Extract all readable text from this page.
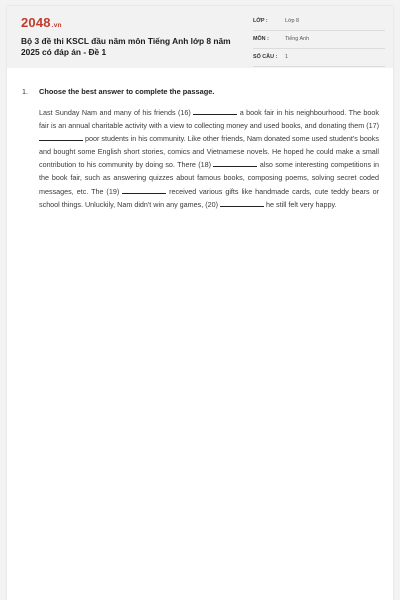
2048.vn
Bộ 3 đề thi KSCL đầu năm môn Tiếng Anh lớp 8 năm 2025 có đáp án - Đề 1
LỚP :	Lớp 8
MÔN :	Tiếng Anh
SỐ CÂU : 1
1. Choose the best answer to complete the passage.

Last Sunday Nam and many of his friends (16)	a book fair in his neighbourhood. The book fair is an annual charitable activity with a view to collecting money and used books, and donating them (17)  poor students in his community. Like other friends, Nam donated some used student's books and bought some English short stories, comics and Vietnamese novels. He hoped he could make a small contribution to his community by doing so. There (18)	also some interesting competitions in the book fair, such as answering quizzes about famous books, composing poems, solving secret coded messages, etc. The (19)	received various gifts like handmade cards, cute teddy bears or school things. Unluckily, Nam didn't win any games, (20)	he still felt very happy.
